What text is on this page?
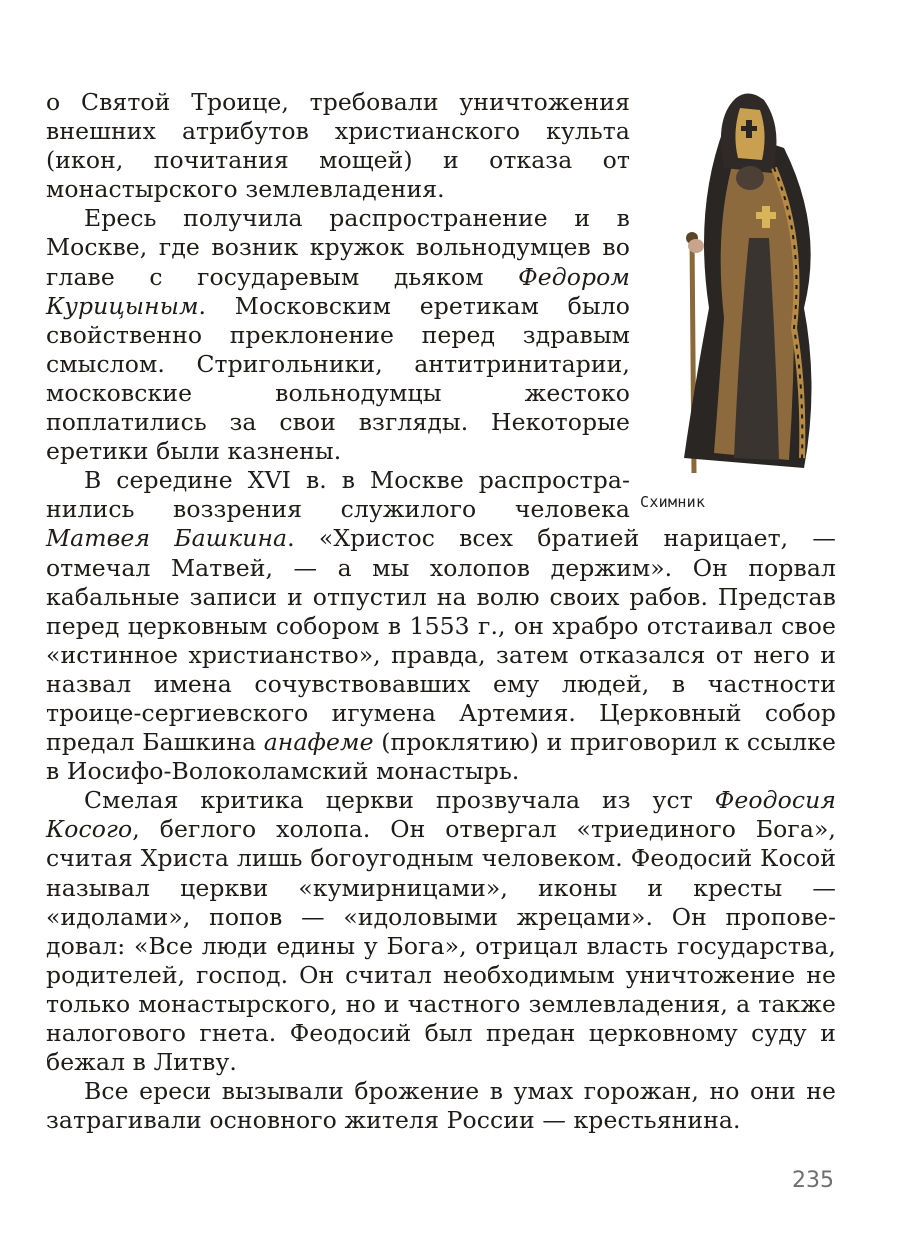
Схимник

о Святой Троице, требовали уничтожения внешних атрибутов христианского культа (икон, почитания мощей) и отказа от монастырского землевладения.

Ересь получила распространение и в Москве, где возник кружок вольнодумцев во главе с государевым дьяком Федором Курицыным. Московским еретикам было свойственно преклонение перед здравым смыслом. Стригольники, антитринитарии, московские вольнодумцы жестоко поплатились за свои взгляды. Некоторые еретики были казнены.

В середине XVI в. в Москве распространились воззрения служилого человека Матвея Башкина. «Христос всех братией нарицает, — отмечал Матвей, — а мы холопов держим». Он порвал кабальные записи и отпустил на волю своих рабов. Представ перед церковным собором в 1553 г., он храбро отстаивал свое «истинное христианство», правда, затем отказался от него и назвал имена сочувствовавших ему людей, в частности троице-сергиевского игумена Артемия. Церковный собор предал Башкина анафеме (проклятию) и приговорил к ссылке в Иосифо-Волоколамский монастырь.

Смелая критика церкви прозвучала из уст Феодосия Косого, беглого холопа. Он отвергал «триединого Бога», считая Христа лишь богоугодным человеком. Феодосий Косой называл церкви «кумирницами», иконы и кресты — «идолами», попов — «идоловыми жрецами». Он проповедовал: «Все люди едины у Бога», отрицал власть государства, родителей, господ. Он считал необходимым уничтожение не только монастырского, но и частного землевладения, а также налогового гнета. Феодосий был предан церковному суду и бежал в Литву.

Все ереси вызывали брожение в умах горожан, но они не затрагивали основного жителя России — крестьянина.

235
